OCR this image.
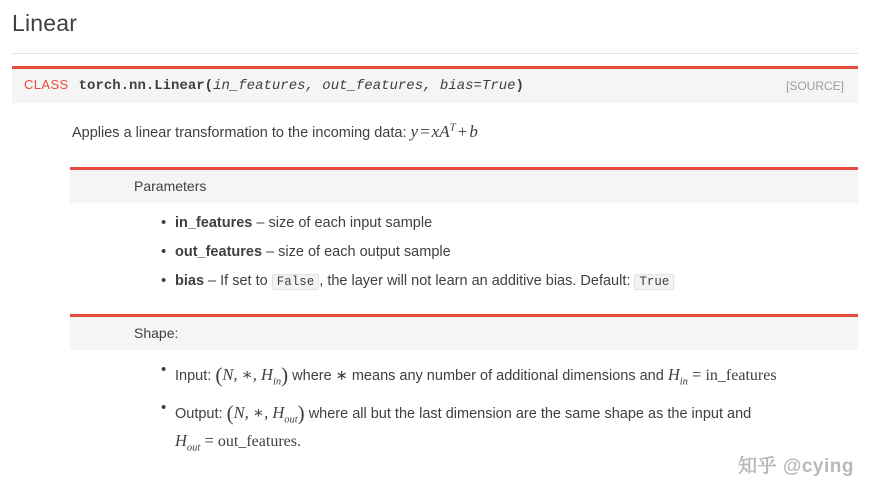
Linear
CLASS torch.nn.Linear(in_features, out_features, bias=True)	[SOURCE]
Applies a linear transformation to the incoming data: $y = xA^T + b$
Parameters
• in_features – size of each input sample
• out_features – size of each output sample
• bias – If set to False , the layer will not learn an additive bias. Default: True
Shape:
• Input: (N, ∗, $H_{in}$) where ∗ means any number of additional dimensions and $H_{in}$ = in_features
• Output: (N, ∗, $H_{out}$) where all but the last dimension are the same shape as the input and $H_{out}$ = out_features.
知乎 @cying
